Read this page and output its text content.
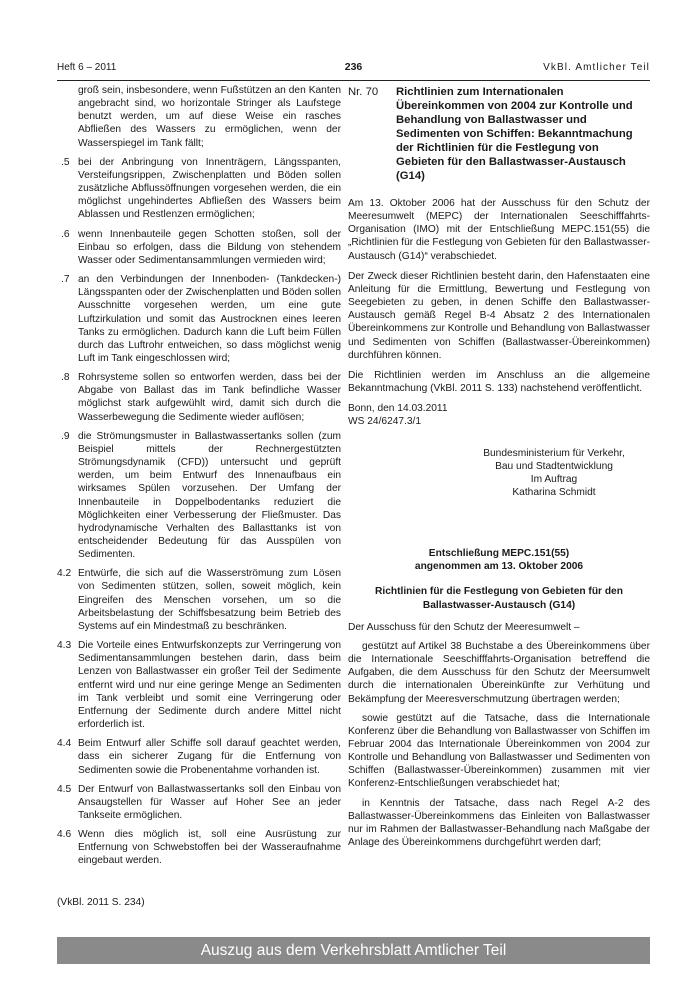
Heft 6 – 2011	236	VkBl. Amtlicher Teil

groß sein, insbesondere, wenn Fußstützen an den Kanten angebracht sind, wo horizontale Stringer als Laufstege benutzt werden, um auf diese Weise ein rasches Abfließen des Wassers zu ermöglichen, wenn der Wasserspiegel im Tank fällt;

.5 bei der Anbringung von Innenträgern, Längsspanten, Versteifungsrippen, Zwischenplatten und Böden sollen zusätzliche Abflussöffnungen vorgesehen werden, die ein möglichst ungehindertes Abfließen des Wassers beim Ablassen und Restlenzen ermöglichen;
.6 wenn Innenbauteile gegen Schotten stoßen, soll der Einbau so erfolgen, dass die Bildung von stehendem Wasser oder Sedimentansammlungen vermieden wird;
.7 an den Verbindungen der Innenboden- (Tankdecken-) Längsspanten oder der Zwischenplatten und Böden sollen Ausschnitte vorgesehen werden, um eine gute Luftzirkulation und somit das Austrocknen eines leeren Tanks zu ermöglichen. Dadurch kann die Luft beim Füllen durch das Luftrohr entweichen, so dass möglichst wenig Luft im Tank eingeschlossen wird;
.8 Rohrsysteme sollen so entworfen werden, dass bei der Abgabe von Ballast das im Tank befindliche Wasser möglichst stark aufgewühlt wird, damit sich durch die Wasserbewegung die Sedimente wieder auflösen;
.9 die Strömungsmuster in Ballastwassertanks sollen (zum Beispiel mittels der Rechnergestützten Strömungsdynamik (CFD)) untersucht und geprüft werden, um beim Entwurf des Innenaufbaus ein wirksames Spülen vorzusehen. Der Umfang der Innenbauteile in Doppelbodentanks reduziert die Möglichkeiten einer Verbesserung der Fließmuster. Das hydrodynamische Verhalten des Ballasttanks ist von entscheidender Bedeutung für das Ausspülen von Sedimenten.
4.2 Entwürfe, die sich auf die Wasserströmung zum Lösen von Sedimenten stützen, sollen, soweit möglich, kein Eingreifen des Menschen vorsehen, um so die Arbeitsbelastung der Schiffsbesatzung beim Betrieb des Systems auf ein Mindestmaß zu beschränken.
4.3 Die Vorteile eines Entwurfskonzepts zur Verringerung von Sedimentansammlungen bestehen darin, dass beim Lenzen von Ballastwasser ein großer Teil der Sedimente entfernt wird und nur eine geringe Menge an Sedimenten im Tank verbleibt und somit eine Verringerung oder Entfernung der Sedimente durch andere Mittel nicht erforderlich ist.
4.4 Beim Entwurf aller Schiffe soll darauf geachtet werden, dass ein sicherer Zugang für die Entfernung von Sedimenten sowie die Probenentahme vorhanden ist.
4.5 Der Entwurf von Ballastwassertanks soll den Einbau von Ansaugstellen für Wasser auf Hoher See an jeder Tankseite ermöglichen.
4.6 Wenn dies möglich ist, soll eine Ausrüstung zur Entfernung von Schwebstoffen bei der Wasseraufnahme eingebaut werden.

(VkBl. 2011 S. 234)

Nr. 70 Richtlinien zum Internationalen Übereinkommen von 2004 zur Kontrolle und Behandlung von Ballastwasser und Sedimenten von Schiffen: Bekanntmachung der Richtlinien für die Festlegung von Gebieten für den Ballastwasser-Austausch (G14)

Am 13. Oktober 2006 hat der Ausschuss für den Schutz der Meeresumwelt (MEPC) der Internationalen Seeschifffahrts-Organisation (IMO) mit der Entschließung MEPC.151(55) die „Richtlinien für die Festlegung von Gebieten für den Ballastwasser-Austausch (G14)“ verabschiedet.

Der Zweck dieser Richtlinien besteht darin, den Hafenstaaten eine Anleitung für die Ermittlung, Bewertung und Festlegung von Seegebieten zu geben, in denen Schiffe den Ballastwasser-Austausch gemäß Regel B-4 Absatz 2 des Internationalen Übereinkommens zur Kontrolle und Behandlung von Ballastwasser und Sedimenten von Schiffen (Ballastwasser-Übereinkommen) durchführen können.

Die Richtlinien werden im Anschluss an die allgemeine Bekanntmachung (VkBl. 2011 S. 133) nachstehend veröffentlicht.

Bonn, den 14.03.2011

WS 24/6247.3/1

Bundesministerium für Verkehr,

Bau und Stadtentwicklung

Im Auftrag

Katharina Schmidt

Entschließung MEPC.151(55)

angenommen am 13. Oktober 2006

Richtlinien für die Festlegung von Gebieten für den

Ballastwasser-Austausch (G14)

Der Ausschuss für den Schutz der Meeresumwelt –

gestützt auf Artikel 38 Buchstabe a des Übereinkommens über die Internationale Seeschifffahrts-Organisation betreffend die Aufgaben, die dem Ausschuss für den Schutz der Meersumwelt durch die internationalen Übereinkünfte zur Verhütung und Bekämpfung der Meeresverschmutzung übertragen werden;

sowie gestützt auf die Tatsache, dass die Internationale Konferenz über die Behandlung von Ballastwasser von Schiffen im Februar 2004 das Internationale Übereinkommen von 2004 zur Kontrolle und Behandlung von Ballastwasser und Sedimenten von Schiffen (Ballastwasser-Übereinkommen) zusammen mit vier Konferenz-Entschließungen verabschiedet hat;

in Kenntnis der Tatsache, dass nach Regel A-2 des Ballastwasser-Übereinkommens das Einleiten von Ballastwasser nur im Rahmen der Ballastwasser-Behandlung nach Maßgabe der Anlage des Übereinkommens durchgeführt werden darf;

Auszug aus dem Verkehrsblatt Amtlicher Teil
